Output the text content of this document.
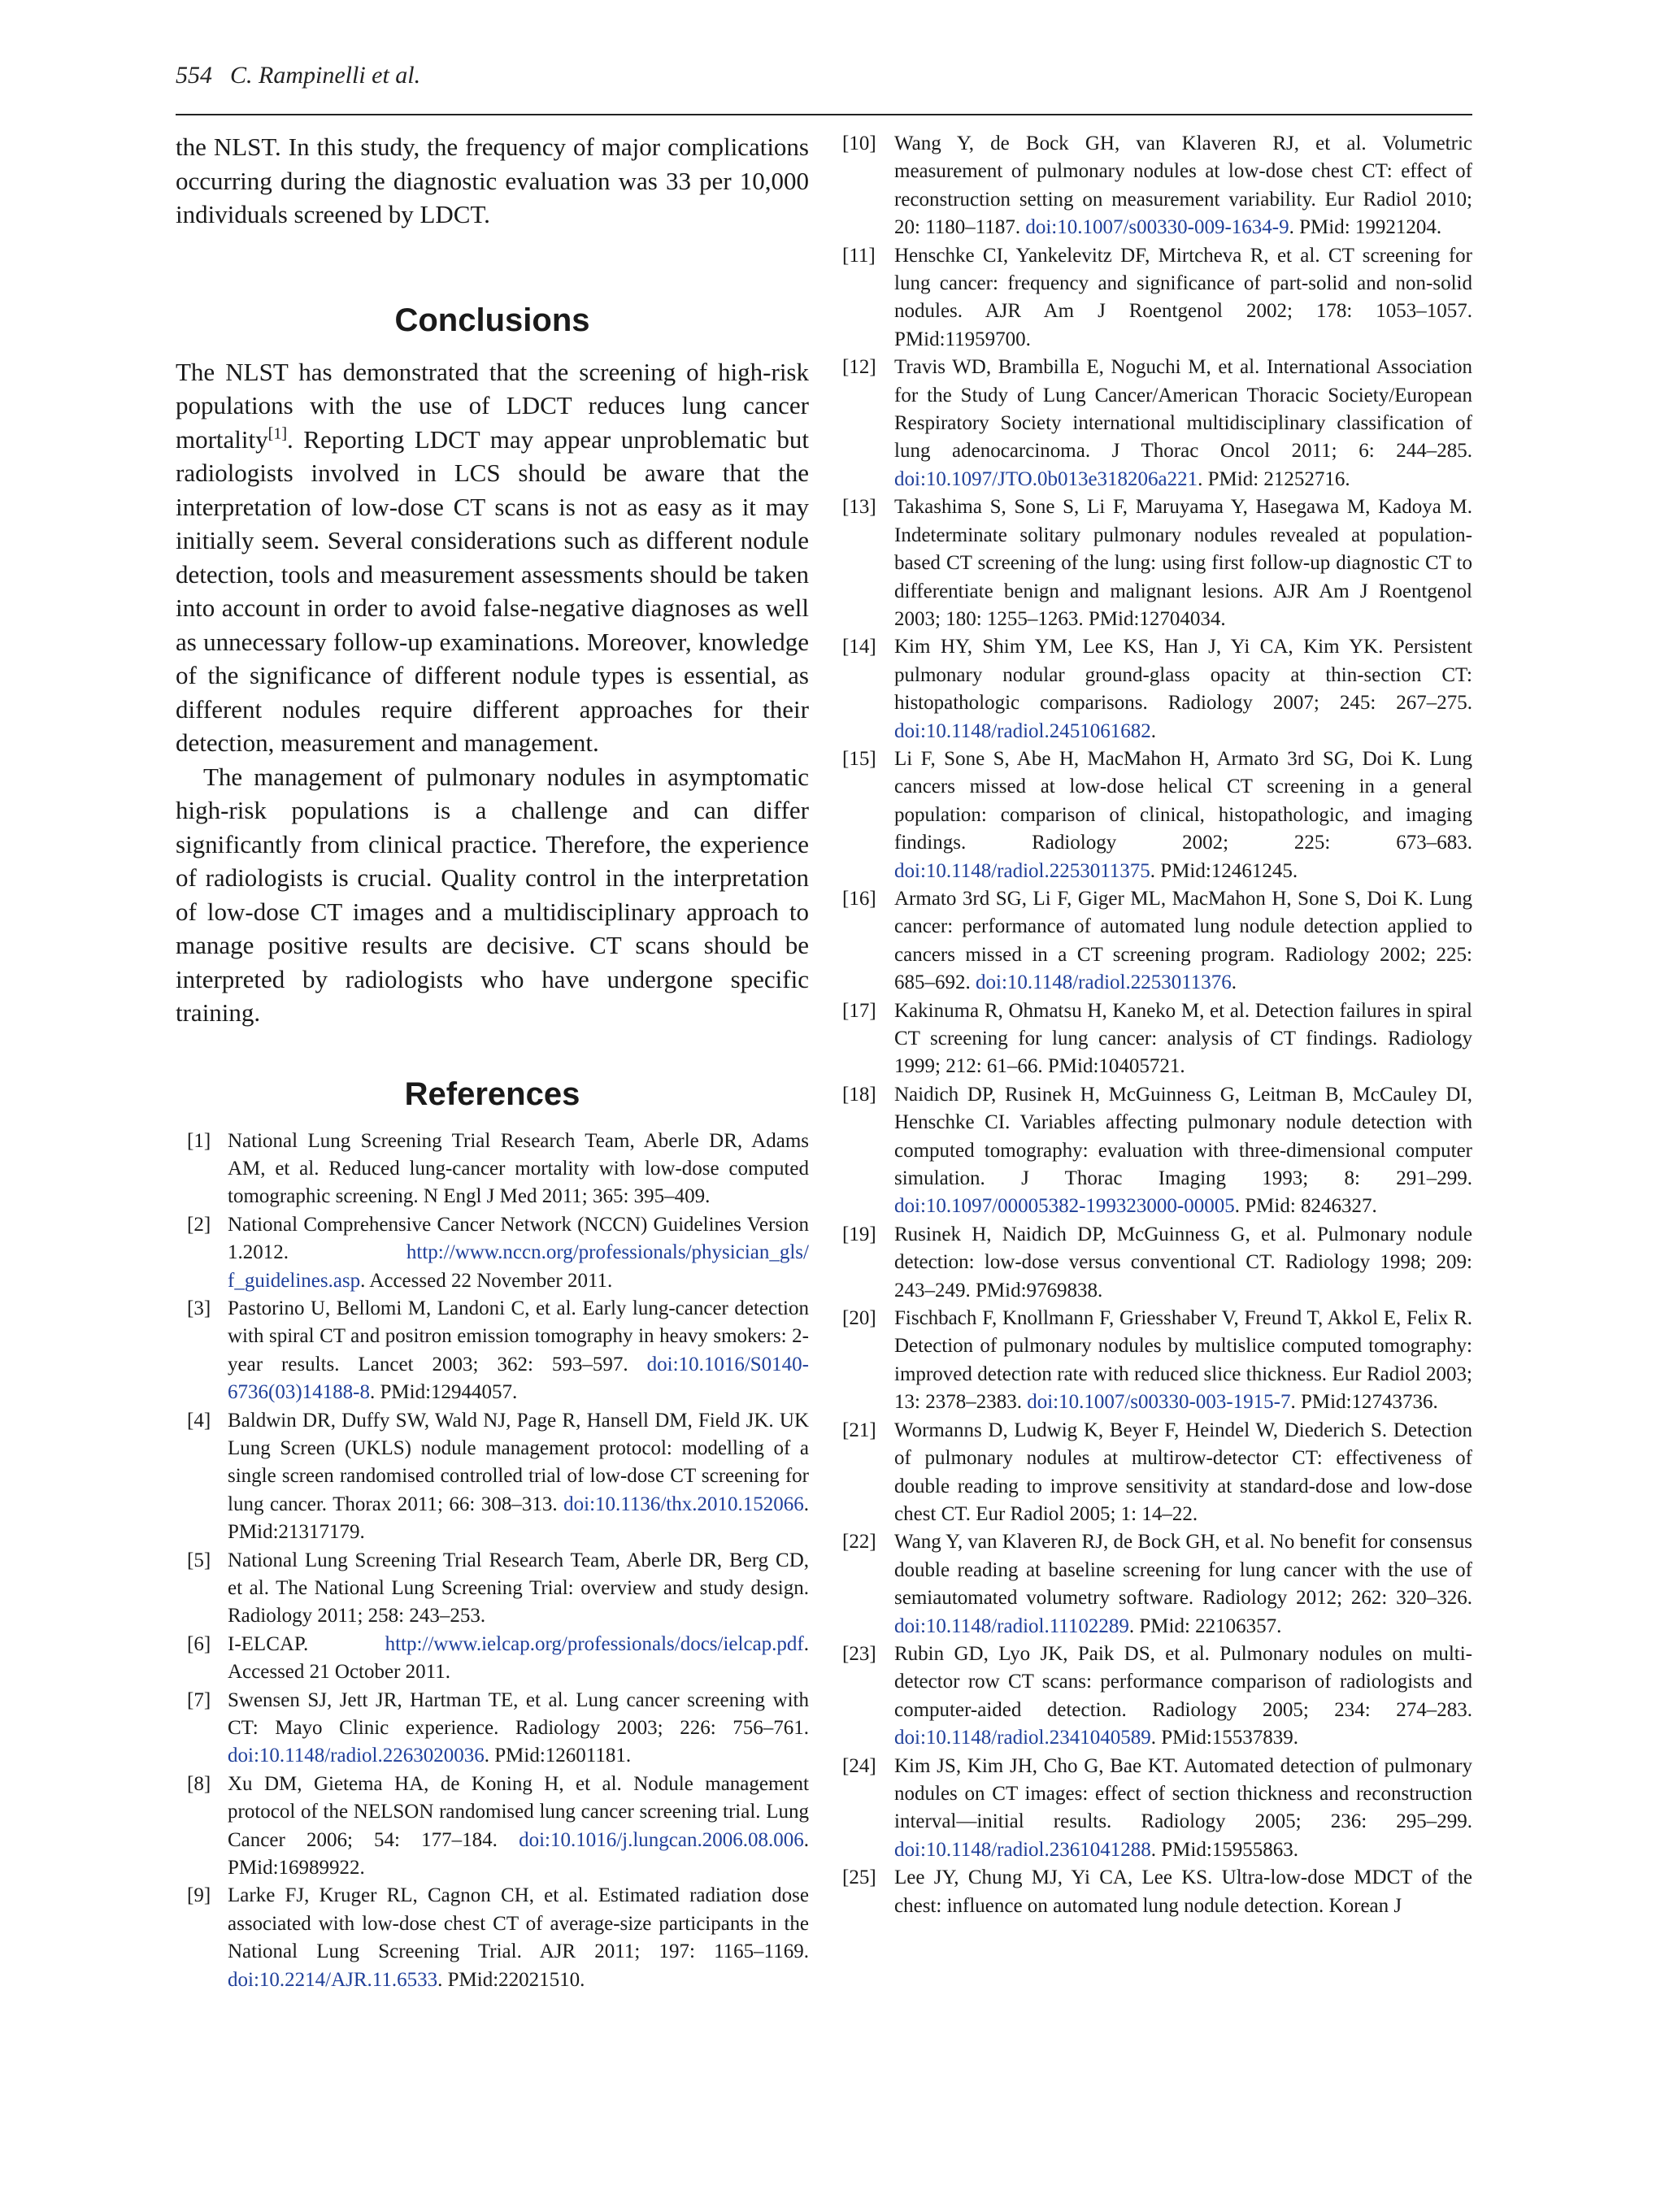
554 C. Rampinelli et al.

the NLST. In this study, the frequency of major complications occurring during the diagnostic evaluation was 33 per 10,000 individuals screened by LDCT.

Conclusions

The NLST has demonstrated that the screening of high-risk populations with the use of LDCT reduces lung cancer mortality[1]. Reporting LDCT may appear unproblematic but radiologists involved in LCS should be aware that the interpretation of low-dose CT scans is not as easy as it may initially seem. Several considerations such as different nodule detection, tools and measurement assessments should be taken into account in order to avoid false-negative diagnoses as well as unnecessary follow-up examinations. Moreover, knowledge of the significance of different nodule types is essential, as different nodules require different approaches for their detection, measurement and management.

The management of pulmonary nodules in asymptomatic high-risk populations is a challenge and can differ significantly from clinical practice. Therefore, the experience of radiologists is crucial. Quality control in the interpretation of low-dose CT images and a multidisciplinary approach to manage positive results are decisive. CT scans should be interpreted by radiologists who have undergone specific training.

References
[1] National Lung Screening Trial Research Team, Aberle DR, Adams AM, et al. Reduced lung-cancer mortality with low-dose computed tomographic screening. N Engl J Med 2011; 365: 395–409.
[2] National Comprehensive Cancer Network (NCCN) Guidelines Version 1.2012. http://www.nccn.org/professionals/physician_gls/ f_guidelines.asp. Accessed 22 November 2011.
[3] Pastorino U, Bellomi M, Landoni C, et al. Early lung-cancer detection with spiral CT and positron emission tomography in heavy smokers: 2-year results. Lancet 2003; 362: 593–597. doi:10.1016/S0140-6736(03)14188-8. PMid:12944057.
[4] Baldwin DR, Duffy SW, Wald NJ, Page R, Hansell DM, Field JK. UK Lung Screen (UKLS) nodule management protocol: modelling of a single screen randomised controlled trial of low-dose CT screening for lung cancer. Thorax 2011; 66: 308–313. doi:10.1136/thx.2010.152066. PMid:21317179.
[5] National Lung Screening Trial Research Team, Aberle DR, Berg CD, et al. The National Lung Screening Trial: overview and study design. Radiology 2011; 258: 243–253.
[6] I-ELCAP. http://www.ielcap.org/professionals/docs/ielcap.pdf. Accessed 21 October 2011.
[7] Swensen SJ, Jett JR, Hartman TE, et al. Lung cancer screening with CT: Mayo Clinic experience. Radiology 2003; 226: 756–761. doi:10.1148/radiol.2263020036. PMid:12601181.
[8] Xu DM, Gietema HA, de Koning H, et al. Nodule management protocol of the NELSON randomised lung cancer screening trial. Lung Cancer 2006; 54: 177–184. doi:10.1016/j.lungcan.2006.08.006. PMid:16989922.
[9] Larke FJ, Kruger RL, Cagnon CH, et al. Estimated radiation dose associated with low-dose chest CT of average-size participants in the National Lung Screening Trial. AJR 2011; 197: 1165–1169. doi:10.2214/AJR.11.6533. PMid:22021510.
[10] Wang Y, de Bock GH, van Klaveren RJ, et al. Volumetric measurement of pulmonary nodules at low-dose chest CT: effect of reconstruction setting on measurement variability. Eur Radiol 2010; 20: 1180–1187. doi:10.1007/s00330-009-1634-9. PMid: 19921204.
[11] Henschke CI, Yankelevitz DF, Mirtcheva R, et al. CT screening for lung cancer: frequency and significance of part-solid and non-solid nodules. AJR Am J Roentgenol 2002; 178: 1053–1057. PMid:11959700.
[12] Travis WD, Brambilla E, Noguchi M, et al. International Association for the Study of Lung Cancer/American Thoracic Society/European Respiratory Society international multidisciplinary classification of lung adenocarcinoma. J Thorac Oncol 2011; 6: 244–285. doi:10.1097/JTO.0b013e318206a221. PMid: 21252716.
[13] Takashima S, Sone S, Li F, Maruyama Y, Hasegawa M, Kadoya M. Indeterminate solitary pulmonary nodules revealed at population-based CT screening of the lung: using first follow-up diagnostic CT to differentiate benign and malignant lesions. AJR Am J Roentgenol 2003; 180: 1255–1263. PMid:12704034.
[14] Kim HY, Shim YM, Lee KS, Han J, Yi CA, Kim YK. Persistent pulmonary nodular ground-glass opacity at thin-section CT: histopathologic comparisons. Radiology 2007; 245: 267–275. doi:10.1148/radiol.2451061682.
[15] Li F, Sone S, Abe H, MacMahon H, Armato 3rd SG, Doi K. Lung cancers missed at low-dose helical CT screening in a general population: comparison of clinical, histopathologic, and imaging findings. Radiology 2002; 225: 673–683. doi:10.1148/radiol.2253011375. PMid:12461245.
[16] Armato 3rd SG, Li F, Giger ML, MacMahon H, Sone S, Doi K. Lung cancer: performance of automated lung nodule detection applied to cancers missed in a CT screening program. Radiology 2002; 225: 685–692. doi:10.1148/radiol.2253011376.
[17] Kakinuma R, Ohmatsu H, Kaneko M, et al. Detection failures in spiral CT screening for lung cancer: analysis of CT findings. Radiology 1999; 212: 61–66. PMid:10405721.
[18] Naidich DP, Rusinek H, McGuinness G, Leitman B, McCauley DI, Henschke CI. Variables affecting pulmonary nodule detection with computed tomography: evaluation with three-dimensional computer simulation. J Thorac Imaging 1993; 8: 291–299. doi:10.1097/00005382-199323000-00005. PMid: 8246327.
[19] Rusinek H, Naidich DP, McGuinness G, et al. Pulmonary nodule detection: low-dose versus conventional CT. Radiology 1998; 209: 243–249. PMid:9769838.
[20] Fischbach F, Knollmann F, Griesshaber V, Freund T, Akkol E, Felix R. Detection of pulmonary nodules by multislice computed tomography: improved detection rate with reduced slice thickness. Eur Radiol 2003; 13: 2378–2383. doi:10.1007/s00330-003-1915-7. PMid:12743736.
[21] Wormanns D, Ludwig K, Beyer F, Heindel W, Diederich S. Detection of pulmonary nodules at multirow-detector CT: effectiveness of double reading to improve sensitivity at standard-dose and low-dose chest CT. Eur Radiol 2005; 1: 14–22.
[22] Wang Y, van Klaveren RJ, de Bock GH, et al. No benefit for consensus double reading at baseline screening for lung cancer with the use of semiautomated volumetry software. Radiology 2012; 262: 320–326. doi:10.1148/radiol.11102289. PMid: 22106357.
[23] Rubin GD, Lyo JK, Paik DS, et al. Pulmonary nodules on multi-detector row CT scans: performance comparison of radiologists and computer-aided detection. Radiology 2005; 234: 274–283. doi:10.1148/radiol.2341040589. PMid:15537839.
[24] Kim JS, Kim JH, Cho G, Bae KT. Automated detection of pulmonary nodules on CT images: effect of section thickness and reconstruction interval—initial results. Radiology 2005; 236: 295–299. doi:10.1148/radiol.2361041288. PMid:15955863.
[25] Lee JY, Chung MJ, Yi CA, Lee KS. Ultra-low-dose MDCT of the chest: influence on automated lung nodule detection. Korean J
